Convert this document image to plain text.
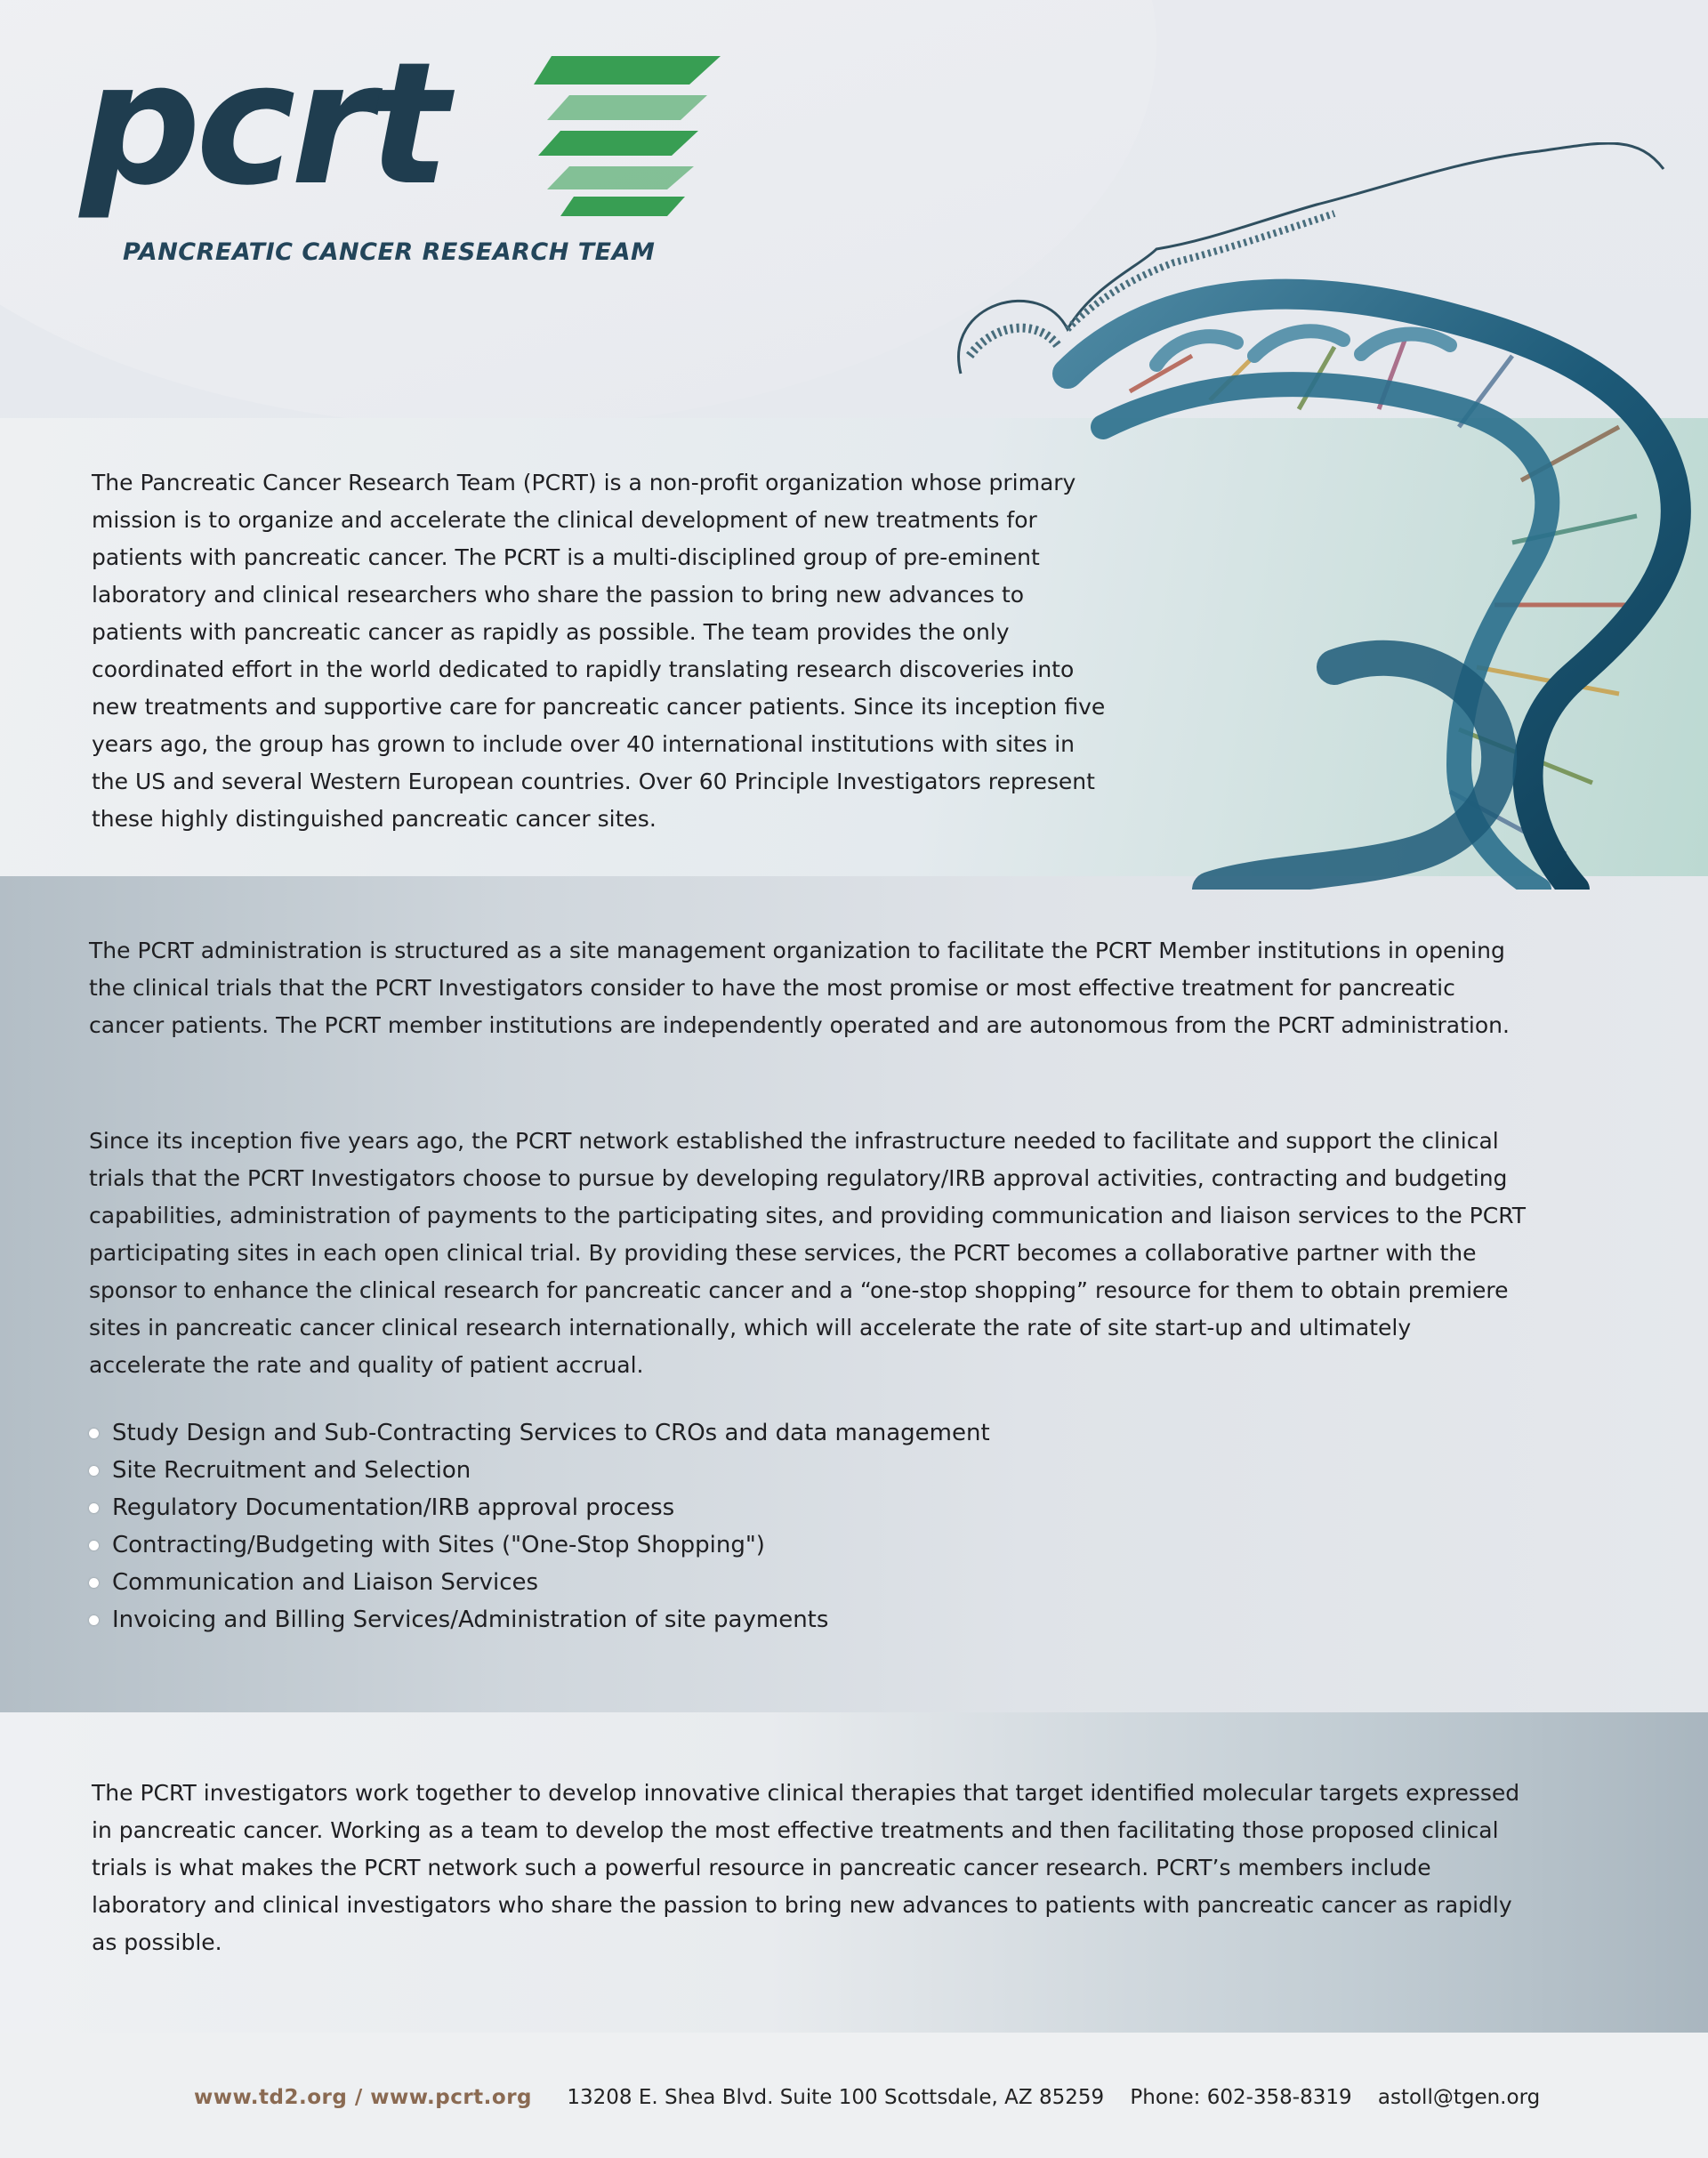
pcrt
PANCREATIC CANCER RESEARCH TEAM

The Pancreatic Cancer Research Team (PCRT) is a non-profit organization whose primary mission is to organize and accelerate the clinical development of new treatments for patients with pancreatic cancer. The PCRT is a multi-disciplined group of pre-eminent laboratory and clinical researchers who share the passion to bring new advances to patients with pancreatic cancer as rapidly as possible. The team provides the only coordinated effort in the world dedicated to rapidly translating research discoveries into new treatments and supportive care for pancreatic cancer patients. Since its inception five years ago, the group has grown to include over 40 international institutions with sites in the US and several Western European countries. Over 60 Principle Investigators represent these highly distinguished pancreatic cancer sites.

The PCRT administration is structured as a site management organization to facilitate the PCRT Member institutions in opening the clinical trials that the PCRT Investigators consider to have the most promise or most effective treatment for pancreatic cancer patients. The PCRT member institutions are independently operated and are autonomous from the PCRT administration.

Since its inception five years ago, the PCRT network established the infrastructure needed to facilitate and support the clinical trials that the PCRT Investigators choose to pursue by developing regulatory/IRB approval activities, contracting and budgeting capabilities, administration of payments to the participating sites, and providing communication and liaison services to the PCRT participating sites in each open clinical trial. By providing these services, the PCRT becomes a collaborative partner with the sponsor to enhance the clinical research for pancreatic cancer and a “one-stop shopping” resource for them to obtain premiere sites in pancreatic cancer clinical research internationally, which will accelerate the rate of site start-up and ultimately accelerate the rate and quality of patient accrual.

Study Design and Sub-Contracting Services to CROs and data management
Site Recruitment and Selection
Regulatory Documentation/IRB approval process
Contracting/Budgeting with Sites ("One-Stop Shopping")
Communication and Liaison Services
Invoicing and Billing Services/Administration of site payments

The PCRT investigators work together to develop innovative clinical therapies that target identified molecular targets expressed in pancreatic cancer. Working as a team to develop the most effective treatments and then facilitating those proposed clinical trials is what makes the PCRT network such a powerful resource in pancreatic cancer research. PCRT’s members include laboratory and clinical investigators who share the passion to bring new advances to patients with pancreatic cancer as rapidly as possible.

www.td2.org / www.pcrt.org 13208 E. Shea Blvd. Suite 100 Scottsdale, AZ 85259 Phone: 602-358-8319 astoll@tgen.org
